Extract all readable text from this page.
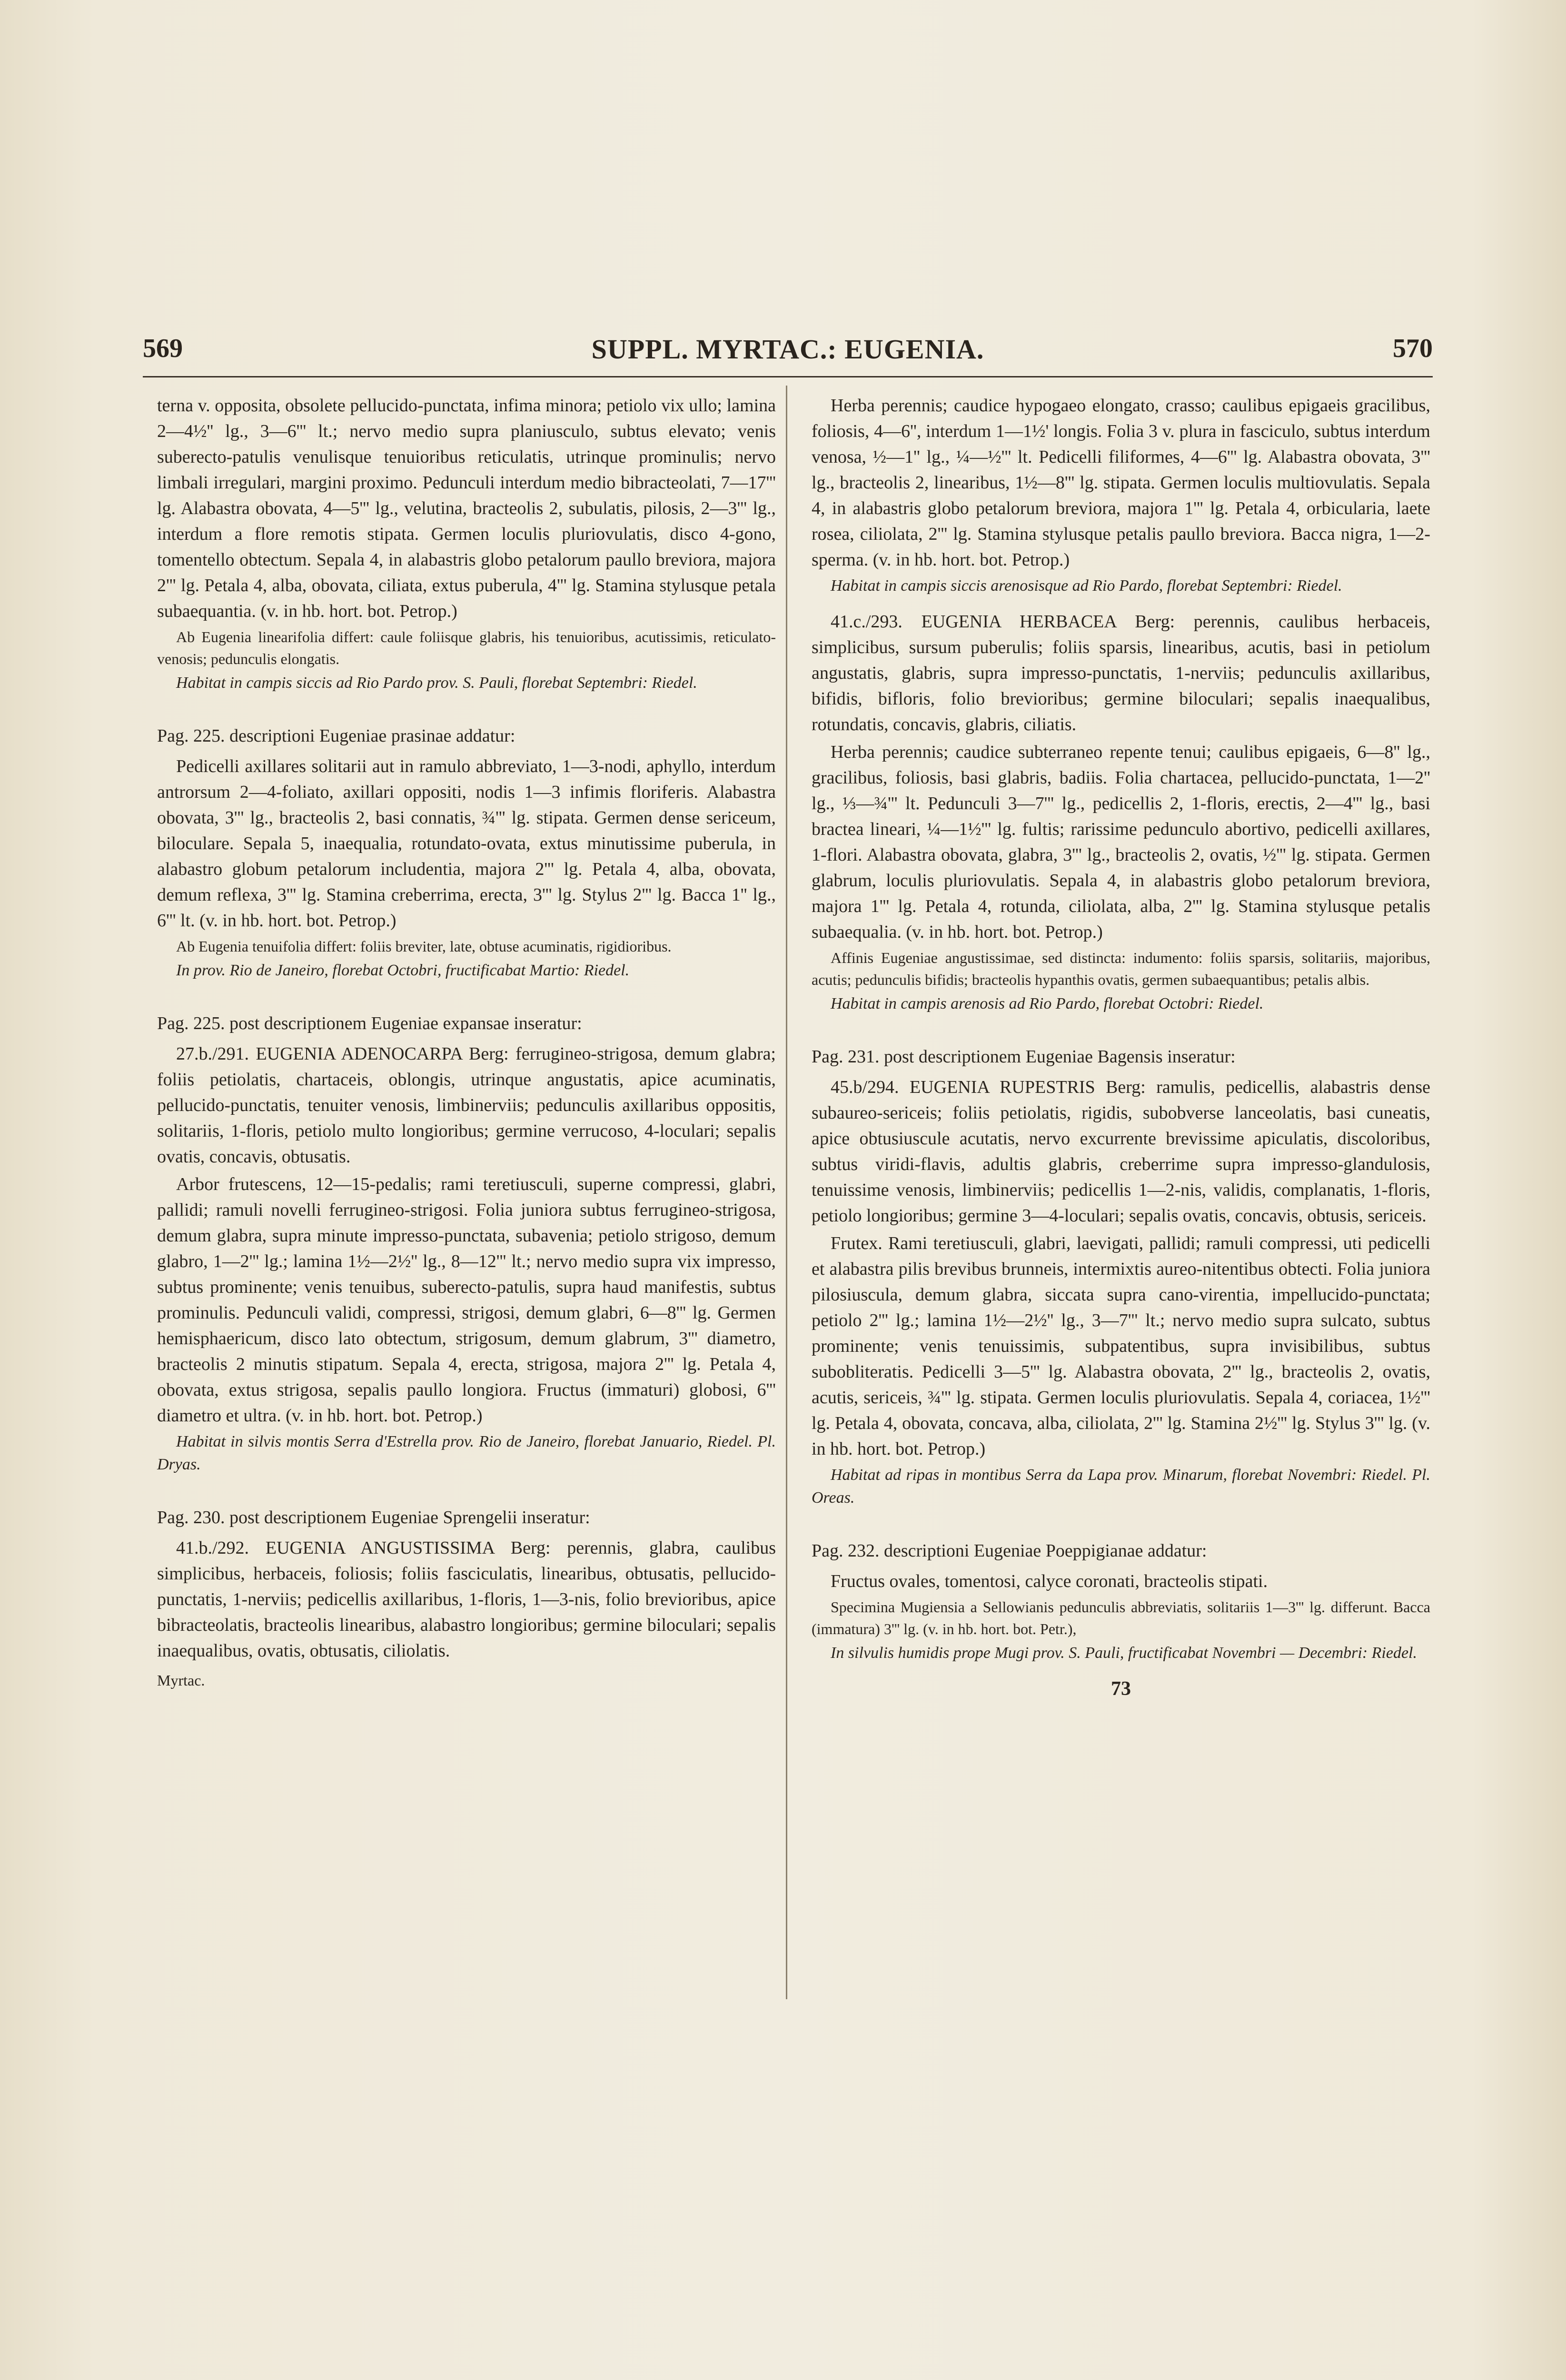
569	SUPPL. MYRTAC.: EUGENIA.	570

terna v. opposita, obsolete pellucido-punctata, infima minora; petiolo vix ullo; lamina 2—4½'' lg., 3—6''' lt.; nervo medio supra planiusculo, subtus elevato; venis suberecto-patulis venulisque tenuioribus reticulatis, utrinque prominulis; nervo limbali irregulari, margini proximo. Pedunculi interdum medio bibracteolati, 7—17''' lg. Alabastra obovata, 4—5''' lg., velutina, bracteolis 2, subulatis, pilosis, 2—3''' lg., interdum a flore remotis stipata. Germen loculis pluriovulatis, disco 4-gono, tomentello obtectum. Sepala 4, in alabastris globo petalorum paullo breviora, majora 2''' lg. Petala 4, alba, obovata, ciliata, extus puberula, 4''' lg. Stamina stylusque petala subaequantia. (v. in hb. hort. bot. Petrop.)

Ab Eugenia linearifolia differt: caule foliisque glabris, his tenuioribus, acutissimis, reticulato-venosis; pedunculis elongatis.

Habitat in campis siccis ad Rio Pardo prov. S. Pauli, florebat Septembri: Riedel.

Pag. 225. descriptioni Eugeniae prasinae addatur:

Pedicelli axillares solitarii aut in ramulo abbreviato, 1—3-nodi, aphyllo, interdum antrorsum 2—4-foliato, axillari oppositi, nodis 1—3 infimis floriferis. Alabastra obovata, 3''' lg., bracteolis 2, basi connatis, ¾''' lg. stipata. Germen dense sericeum, biloculare. Sepala 5, inaequalia, rotundato-ovata, extus minutissime puberula, in alabastro globum petalorum includentia, majora 2''' lg. Petala 4, alba, obovata, demum reflexa, 3''' lg. Stamina creberrima, erecta, 3''' lg. Stylus 2''' lg. Bacca 1'' lg., 6''' lt. (v. in hb. hort. bot. Petrop.)

Ab Eugenia tenuifolia differt: foliis breviter, late, obtuse acuminatis, rigidioribus.

In prov. Rio de Janeiro, florebat Octobri, fructificabat Martio: Riedel.

Pag. 225. post descriptionem Eugeniae expansae inseratur:

27.b./291. EUGENIA ADENOCARPA Berg: ferrugineo-strigosa, demum glabra; foliis petiolatis, chartaceis, oblongis, utrinque angustatis, apice acuminatis, pellucido-punctatis, tenuiter venosis, limbinerviis; pedunculis axillaribus oppositis, solitariis, 1-floris, petiolo multo longioribus; germine verrucoso, 4-loculari; sepalis ovatis, concavis, obtusatis.

Arbor frutescens, 12—15-pedalis; rami teretiusculi, superne compressi, glabri, pallidi; ramuli novelli ferrugineo-strigosi. Folia juniora subtus ferrugineo-strigosa, demum glabra, supra minute impresso-punctata, subavenia; petiolo strigoso, demum glabro, 1—2''' lg.; lamina 1½—2½'' lg., 8—12''' lt.; nervo medio supra vix impresso, subtus prominente; venis tenuibus, suberecto-patulis, supra haud manifestis, subtus prominulis. Pedunculi validi, compressi, strigosi, demum glabri, 6—8''' lg. Germen hemisphaericum, disco lato obtectum, strigosum, demum glabrum, 3''' diametro, bracteolis 2 minutis stipatum. Sepala 4, erecta, strigosa, majora 2''' lg. Petala 4, obovata, extus strigosa, sepalis paullo longiora. Fructus (immaturi) globosi, 6''' diametro et ultra. (v. in hb. hort. bot. Petrop.)

Habitat in silvis montis Serra d'Estrella prov. Rio de Janeiro, florebat Januario, Riedel. Pl. Dryas.

Pag. 230. post descriptionem Eugeniae Sprengelii inseratur:

41.b./292. EUGENIA ANGUSTISSIMA Berg: perennis, glabra, caulibus simplicibus, herbaceis, foliosis; foliis fasciculatis, linearibus, obtusatis, pellucido-punctatis, 1-nerviis; pedicellis axillaribus, 1-floris, 1—3-nis, folio brevioribus, apice bibracteolatis, bracteolis linearibus, alabastro longioribus; germine biloculari; sepalis inaequalibus, ovatis, obtusatis, ciliolatis.

Myrtac.

Herba perennis; caudice hypogaeo elongato, crasso; caulibus epigaeis gracilibus, foliosis, 4—6'', interdum 1—1½' longis. Folia 3 v. plura in fasciculo, subtus interdum venosa, ½—1'' lg., ¼—½''' lt. Pedicelli filiformes, 4—6''' lg. Alabastra obovata, 3''' lg., bracteolis 2, linearibus, 1½—8''' lg. stipata. Germen loculis multiovulatis. Sepala 4, in alabastris globo petalorum breviora, majora 1''' lg. Petala 4, orbicularia, laete rosea, ciliolata, 2''' lg. Stamina stylusque petalis paullo breviora. Bacca nigra, 1—2-sperma. (v. in hb. hort. bot. Petrop.)

Habitat in campis siccis arenosisque ad Rio Pardo, florebat Septembri: Riedel.

41.c./293. EUGENIA HERBACEA Berg: perennis, caulibus herbaceis, simplicibus, sursum puberulis; foliis sparsis, linearibus, acutis, basi in petiolum angustatis, glabris, supra impresso-punctatis, 1-nerviis; pedunculis axillaribus, bifidis, bifloris, folio brevioribus; germine biloculari; sepalis inaequalibus, rotundatis, concavis, glabris, ciliatis.

Herba perennis; caudice subterraneo repente tenui; caulibus epigaeis, 6—8'' lg., gracilibus, foliosis, basi glabris, badiis. Folia chartacea, pellucido-punctata, 1—2'' lg., ⅓—¾''' lt. Pedunculi 3—7''' lg., pedicellis 2, 1-floris, erectis, 2—4''' lg., basi bractea lineari, ¼—1½''' lg. fultis; rarissime pedunculo abortivo, pedicelli axillares, 1-flori. Alabastra obovata, glabra, 3''' lg., bracteolis 2, ovatis, ½''' lg. stipata. Germen glabrum, loculis pluriovulatis. Sepala 4, in alabastris globo petalorum breviora, majora 1''' lg. Petala 4, rotunda, ciliolata, alba, 2''' lg. Stamina stylusque petalis subaequalia. (v. in hb. hort. bot. Petrop.)

Affinis Eugeniae angustissimae, sed distincta: indumento: foliis sparsis, solitariis, majoribus, acutis; pedunculis bifidis; bracteolis hypanthis ovatis, germen subaequantibus; petalis albis.

Habitat in campis arenosis ad Rio Pardo, florebat Octobri: Riedel.

Pag. 231. post descriptionem Eugeniae Bagensis inseratur:

45.b/294. EUGENIA RUPESTRIS Berg: ramulis, pedicellis, alabastris dense subaureo-sericeis; foliis petiolatis, rigidis, subobverse lanceolatis, basi cuneatis, apice obtusiuscule acutatis, nervo excurrente brevissime apiculatis, discoloribus, subtus viridi-flavis, adultis glabris, creberrime supra impresso-glandulosis, tenuissime venosis, limbinerviis; pedicellis 1—2-nis, validis, complanatis, 1-floris, petiolo longioribus; germine 3—4-loculari; sepalis ovatis, concavis, obtusis, sericeis.

Frutex. Rami teretiusculi, glabri, laevigati, pallidi; ramuli compressi, uti pedicelli et alabastra pilis brevibus brunneis, intermixtis aureo-nitentibus obtecti. Folia juniora pilosiuscula, demum glabra, siccata supra cano-virentia, impellucido-punctata; petiolo 2''' lg.; lamina 1½—2½'' lg., 3—7''' lt.; nervo medio supra sulcato, subtus prominente; venis tenuissimis, subpatentibus, supra invisibilibus, subtus subobliteratis. Pedicelli 3—5''' lg. Alabastra obovata, 2''' lg., bracteolis 2, ovatis, acutis, sericeis, ¾''' lg. stipata. Germen loculis pluriovulatis. Sepala 4, coriacea, 1½''' lg. Petala 4, obovata, concava, alba, ciliolata, 2''' lg. Stamina 2½''' lg. Stylus 3''' lg. (v. in hb. hort. bot. Petrop.)

Habitat ad ripas in montibus Serra da Lapa prov. Minarum, florebat Novembri: Riedel. Pl. Oreas.

Pag. 232. descriptioni Eugeniae Poeppigianae addatur:

Fructus ovales, tomentosi, calyce coronati, bracteolis stipati.

Specimina Mugiensia a Sellowianis pedunculis abbreviatis, solitariis 1—3''' lg. differunt. Bacca (immatura) 3''' lg. (v. in hb. hort. bot. Petr.),

In silvulis humidis prope Mugi prov. S. Pauli, fructificabat Novembri — Decembri: Riedel.

73
